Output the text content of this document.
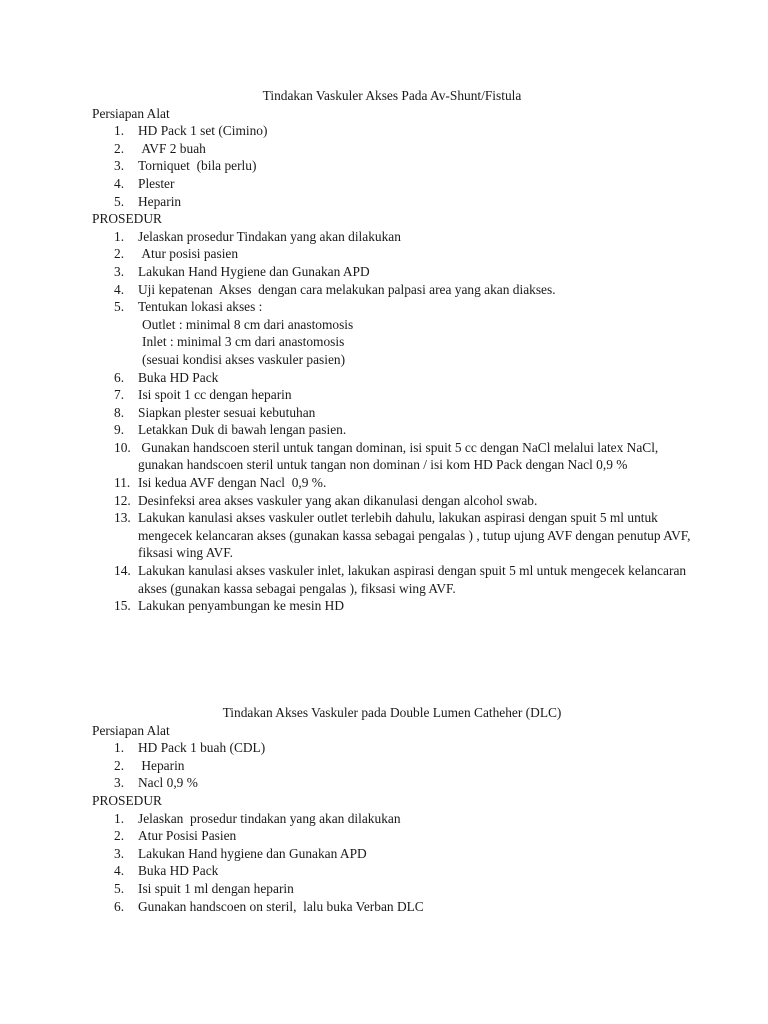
Tindakan Vaskuler Akses Pada Av-Shunt/Fistula
Persiapan Alat
1.	HD Pack 1 set (Cimino)
2.	AVF 2 buah
3.	Torniquet  (bila perlu)
4.	Plester
5.	Heparin
PROSEDUR
1.	Jelaskan prosedur Tindakan yang akan dilakukan
2.	Atur posisi pasien
3.	Lakukan Hand Hygiene dan Gunakan APD
4.	Uji kepatenan  Akses  dengan cara melakukan palpasi area yang akan diakses.
5.	Tentukan lokasi akses :
Outlet : minimal 8 cm dari anastomosis
Inlet : minimal 3 cm dari anastomosis
(sesuai kondisi akses vaskuler pasien)
6.	Buka HD Pack
7.	Isi spoit 1 cc dengan heparin
8.	Siapkan plester sesuai kebutuhan
9.	Letakkan Duk di bawah lengan pasien.
10. Gunakan handscoen steril untuk tangan dominan, isi spuit 5 cc dengan NaCl melalui latex NaCl, gunakan handscoen steril untuk tangan non dominan / isi kom HD Pack dengan Nacl 0,9 %
11. Isi kedua AVF dengan Nacl  0,9 %.
12. Desinfeksi area akses vaskuler yang akan dikanulasi dengan alcohol swab.
13. Lakukan kanulasi akses vaskuler outlet terlebih dahulu, lakukan aspirasi dengan spuit 5 ml untuk mengecek kelancaran akses (gunakan kassa sebagai pengalas ) , tutup ujung AVF dengan penutup AVF, fiksasi wing AVF.
14. Lakukan kanulasi akses vaskuler inlet, lakukan aspirasi dengan spuit 5 ml untuk mengecek kelancaran akses (gunakan kassa sebagai pengalas ), fiksasi wing AVF.
15. Lakukan penyambungan ke mesin HD
Tindakan Akses Vaskuler pada Double Lumen Catheher (DLC)
Persiapan Alat
1.	HD Pack 1 buah (CDL)
2.	Heparin
3.	Nacl 0,9 %
PROSEDUR
1.	Jelaskan  prosedur tindakan yang akan dilakukan
2.	Atur Posisi Pasien
3.	Lakukan Hand hygiene dan Gunakan APD
4.	Buka HD Pack
5.	Isi spuit 1 ml dengan heparin
6.	Gunakan handscoen on steril,  lalu buka Verban DLC
